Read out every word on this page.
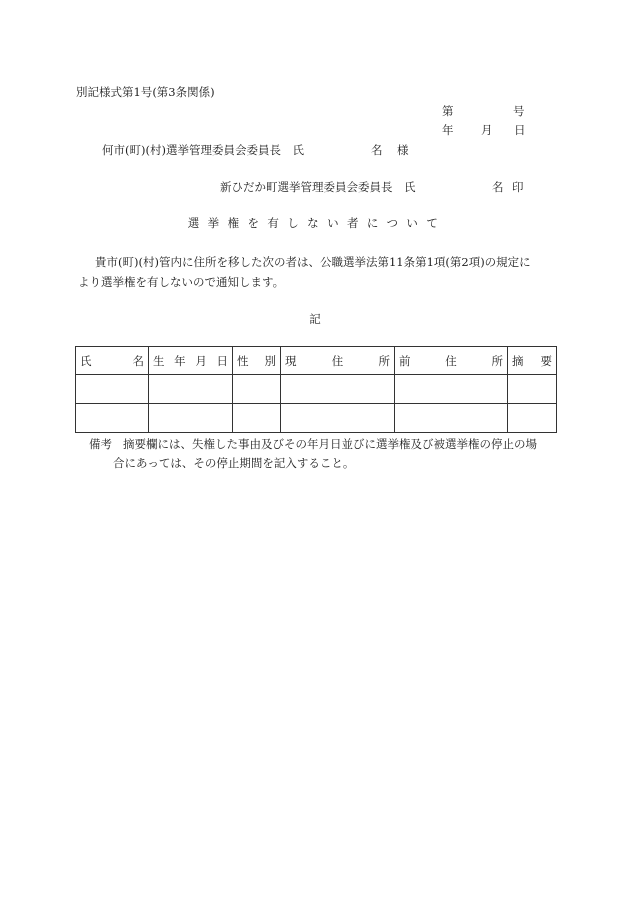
別記様式第1号(第3条関係)
第	号
年 月 日
何市(町)(村)選挙管理委員会委員長　氏	名 様
新ひだか町選挙管理委員会委員長　氏	名 印
選挙権を有しない者について

貴市(町)(村)管内に住所を移した次の者は、公職選挙法第11条第1項(第2項)の規定に

より選挙権を有しないので通知します。

記
氏 名	生 年 月 日	性 別	現 住 所	前 住 所	摘 要

備考 摘要欄には、失権した事由及びその年月日並びに選挙権及び被選挙権の停止の場
合にあっては、その停止期間を記入すること。
